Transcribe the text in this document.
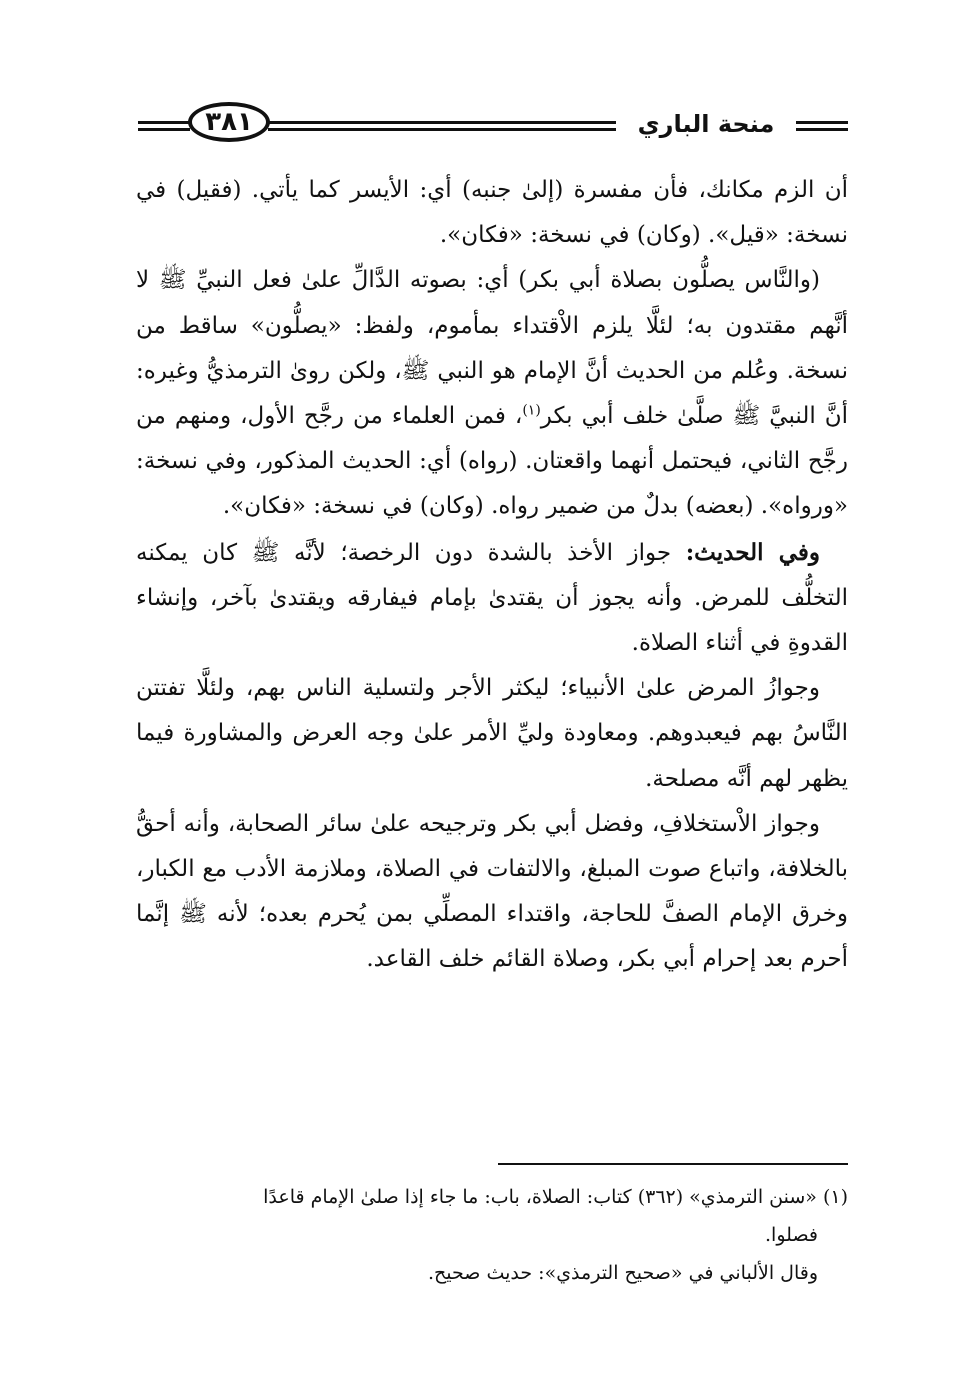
٣٨١	منحة الباري

أن الزم مكانك، فأن مفسرة (إلىٰ جنبه) أي: الأيسر كما يأتي. (فقيل) في نسخة: «قيل». (وكان) في نسخة: «فكان».

(والنَّاس يصلُّون بصلاة أبي بكر) أي: بصوته الدَّالِّ علىٰ فعل النبيِّ ﷺ لا أنَّهم مقتدون به؛ لئلَّا يلزم الاْقتداء بمأموم، ولفظ: «يصلُّون» ساقط من نسخة. وعُلم من الحديث أنَّ الإمام هو النبي ﷺ، ولكن روىٰ الترمذيُّ وغيره: أنَّ النبيَّ ﷺ صلَّىٰ خلف أبي بكر$^{(١)}$، فمن العلماء من رجَّح الأول، ومنهم من رجَّح الثاني، فيحتمل أنهما واقعتان. (رواه) أي: الحديث المذكور، وفي نسخة: «ورواه». (بعضه) بدلٌ من ضمير رواه. (وكان) في نسخة: «فكان».

وفي الحديث: جواز الأخذ بالشدة دون الرخصة؛ لأنَّه ﷺ كان يمكنه التخلُّف للمرض. وأنه يجوز أن يقتدىٰ بإمام فيفارقه ويقتدىٰ بآخر، وإنشاء القدوةِ في أثناء الصلاة.

وجوازُ المرض علىٰ الأنبياء؛ ليكثر الأجر ولتسلية الناس بهم، ولئلَّا تفتتن النَّاسُ بهم فيعبدوهم. ومعاودة وليِّ الأمر علىٰ وجه العرض والمشاورة فيما يظهر لهم أنَّه مصلحة.

وجواز الاْستخلافِ، وفضل أبي بكر وترجيحه علىٰ سائر الصحابة، وأنه أحقُّ بالخلافة، واتباع صوت المبلغ، والالتفات في الصلاة، وملازمة الأدب مع الكبار، وخرق الإمام الصفَّ للحاجة، واقتداء المصلِّي بمن يُحرم بعده؛ لأنه ﷺ إنَّما أحرم بعد إحرام أبي بكر، وصلاة القائم خلف القاعد.

(١) «سنن الترمذي» (٣٦٢) كتاب: الصلاة، باب: ما جاء إذا صلىٰ الإمام قاعدًا

فصلوا.

وقال الألباني في «صحيح الترمذي»: حديث صحيح.
